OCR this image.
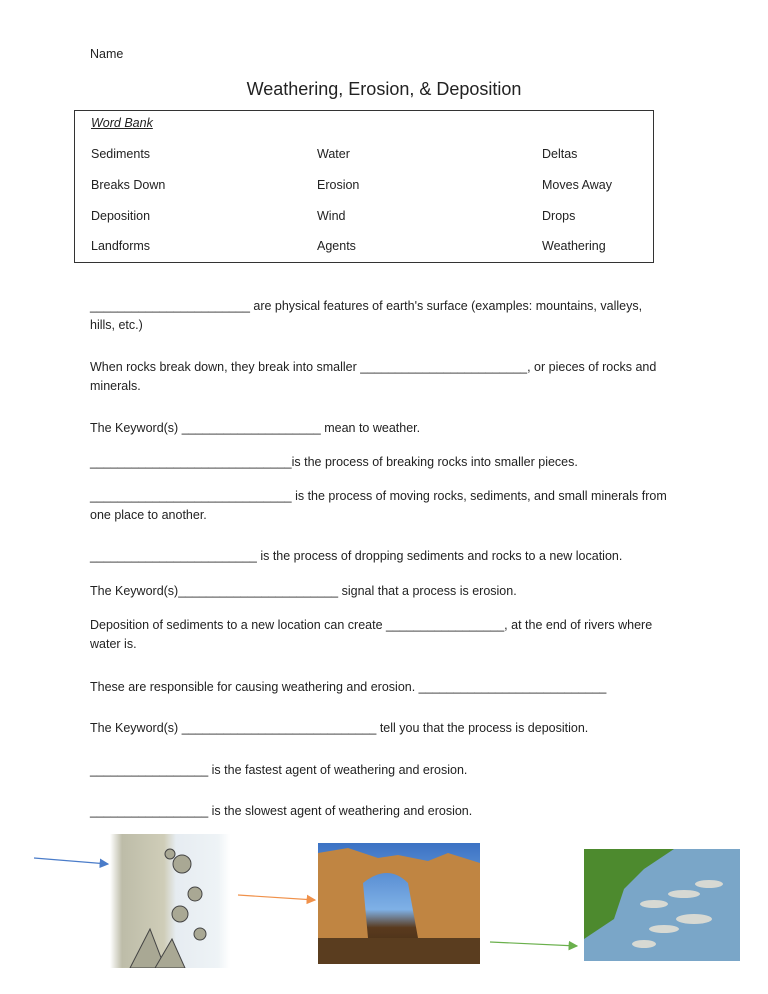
Name
Weathering, Erosion, & Deposition
Word Bank
Sediments	Water	Deltas
Breaks Down	Erosion	Moves Away
Deposition	Wind	Drops
Landforms	Agents	Weathering
_______________________ are physical features of earth's surface (examples: mountains, valleys, hills, etc.)
When rocks break down, they break into smaller ________________________, or pieces of rocks and minerals.
The Keyword(s) ____________________ mean to weather.
_____________________________is the process of breaking rocks into smaller pieces.
_____________________________ is the process of moving rocks, sediments, and small minerals from one place to another.
________________________ is the process of dropping sediments and rocks to a new location.
The Keyword(s)_______________________ signal that a process is erosion.
Deposition of sediments to a new location can create _________________, at the end of rivers where water is.
These are responsible for causing weathering and erosion. ___________________________
The Keyword(s) ____________________________ tell you that the process is deposition.
_________________ is the fastest agent of weathering and erosion.
_________________ is the slowest agent of weathering and erosion.
